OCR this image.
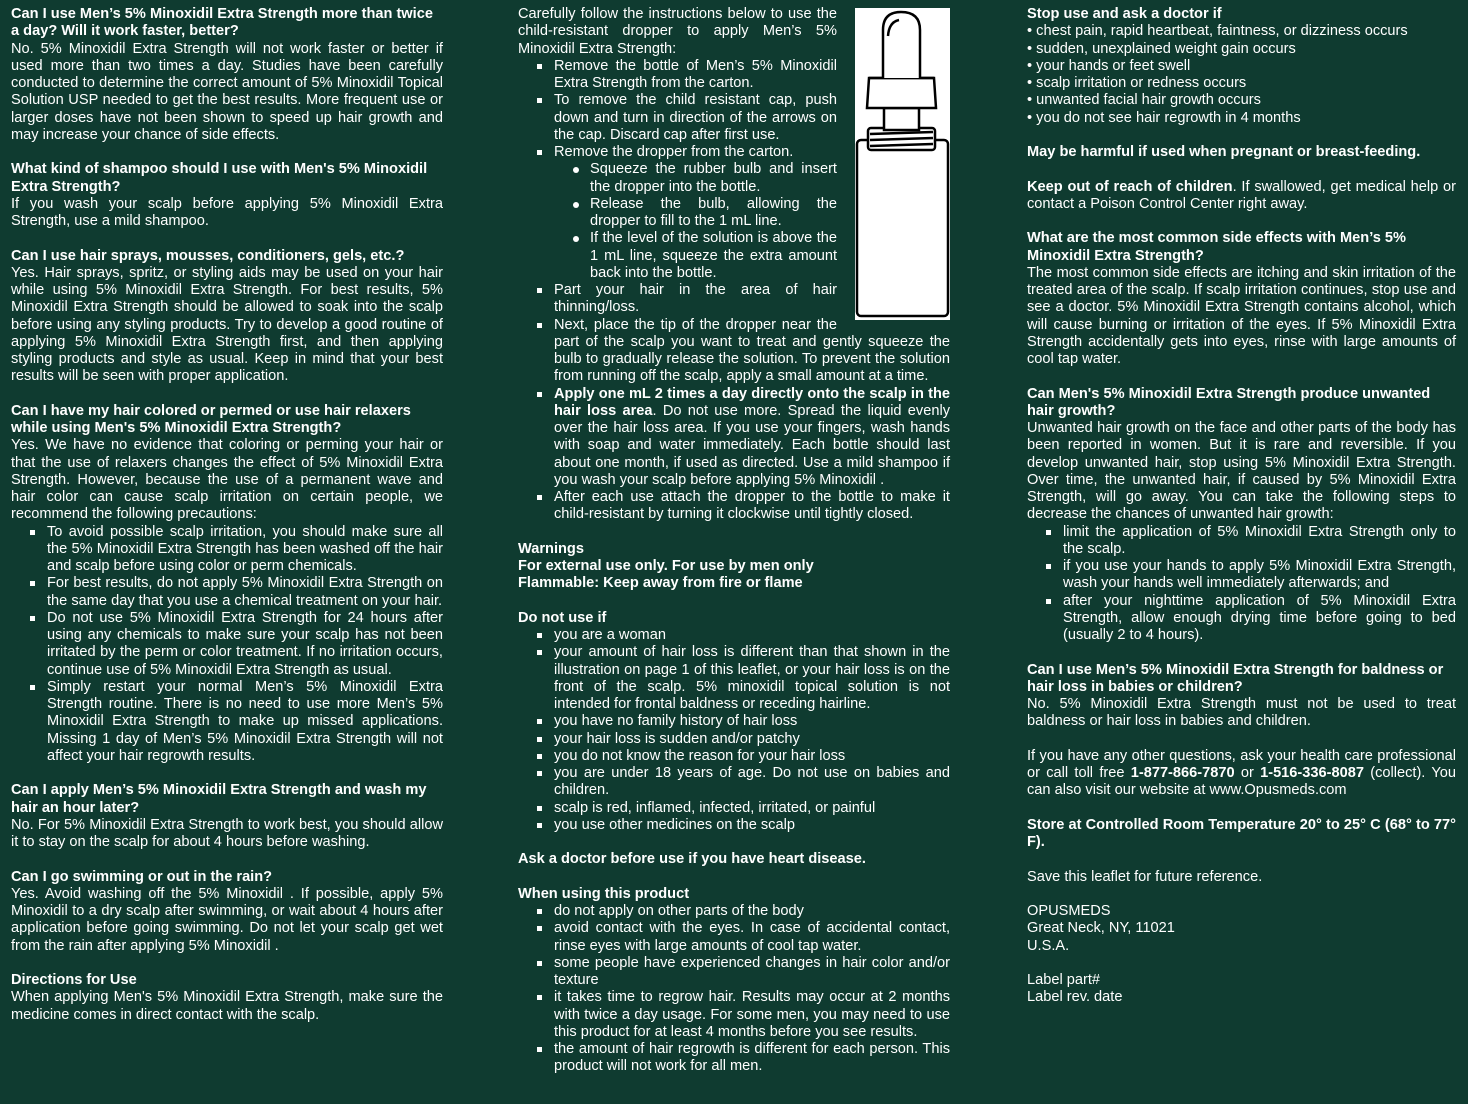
Can I use Men’s 5% Minoxidil Extra Strength more than twice a day? Will it work faster, better?

No. 5% Minoxidil Extra Strength will not work faster or better if used more than two times a day. Studies have been carefully conducted to determine the correct amount of 5% Minoxidil Topical Solution USP needed to get the best results. More frequent use or larger doses have not been shown to speed up hair growth and may increase your chance of side effects.

What kind of shampoo should I use with Men's 5% Minoxidil Extra Strength?

If you wash your scalp before applying 5% Minoxidil Extra Strength, use a mild shampoo.

Can I use hair sprays, mousses, conditioners, gels, etc.?

Yes. Hair sprays, spritz, or styling aids may be used on your hair while using 5% Minoxidil Extra Strength. For best results, 5% Minoxidil Extra Strength should be allowed to soak into the scalp before using any styling products. Try to develop a good routine of applying 5% Minoxidil Extra Strength first, and then applying styling products and style as usual. Keep in mind that your best results will be seen with proper application.

Can I have my hair colored or permed or use hair relaxers while using Men's 5% Minoxidil Extra Strength?

Yes. We have no evidence that coloring or perming your hair or that the use of relaxers changes the effect of 5% Minoxidil Extra Strength. However, because the use of a permanent wave and hair color can cause scalp irritation on certain people, we recommend the following precautions:

To avoid possible scalp irritation, you should make sure all the 5% Minoxidil Extra Strength has been washed off the hair and scalp before using color or perm chemicals.
For best results, do not apply 5% Minoxidil Extra Strength on the same day that you use a chemical treatment on your hair.
Do not use 5% Minoxidil Extra Strength for 24 hours after using any chemicals to make sure your scalp has not been irritated by the perm or color treatment. If no irritation occurs, continue use of 5% Minoxidil Extra Strength as usual.
Simply restart your normal Men’s 5% Minoxidil Extra Strength routine. There is no need to use more Men’s 5% Minoxidil Extra Strength to make up missed applications. Missing 1 day of Men’s 5% Minoxidil Extra Strength will not affect your hair regrowth results.
Can I apply Men’s 5% Minoxidil Extra Strength and wash my hair an hour later?

No. For 5% Minoxidil Extra Strength to work best, you should allow it to stay on the scalp for about 4 hours before washing.

Can I go swimming or out in the rain?

Yes. Avoid washing off the 5% Minoxidil . If possible, apply 5% Minoxidil to a dry scalp after swimming, or wait about 4 hours after application before going swimming. Do not let your scalp get wet from the rain after applying 5% Minoxidil .

Directions for Use

When applying Men's 5% Minoxidil Extra Strength, make sure the medicine comes in direct contact with the scalp.

Carefully follow the instructions below to use the child-resistant dropper to apply Men’s 5% Minoxidil Extra Strength:

Remove the bottle of Men’s 5% Minoxidil Extra Strength from the carton.
To remove the child resistant cap, push down and turn in direction of the arrows on the cap. Discard cap after first use.
Remove the dropper from the carton.
Squeeze the rubber bulb and insert the dropper into the bottle.
Release the bulb, allowing the dropper to fill to the 1 mL line.
If the level of the solution is above the 1 mL line, squeeze the extra amount back into the bottle.
Part your hair in the area of hair thinning/loss.
Next, place the tip of the dropper near the part of the scalp you want to treat and gently squeeze the bulb to gradually release the solution. To prevent the solution from running off the scalp, apply a small amount at a time.
Apply one mL 2 times a day directly onto the scalp in the hair loss area. Do not use more. Spread the liquid evenly over the hair loss area. If you use your fingers, wash hands with soap and water immediately. Each bottle should last about one month, if used as directed. Use a mild shampoo if you wash your scalp before applying 5% Minoxidil .
After each use attach the dropper to the bottle to make it child-resistant by turning it clockwise until tightly closed.
Warnings
For external use only. For use by men only
Flammable: Keep away from fire or flame
Do not use if
you are a woman
your amount of hair loss is different than that shown in the illustration on page 1 of this leaflet, or your hair loss is on the front of the scalp. 5% minoxidil topical solution is not intended for frontal baldness or receding hairline.
you have no family history of hair loss
your hair loss is sudden and/or patchy
you do not know the reason for your hair loss
you are under 18 years of age. Do not use on babies and children.
scalp is red, inflamed, infected, irritated, or painful
you use other medicines on the scalp
Ask a doctor before use if you have heart disease.
When using this product
do not apply on other parts of the body
avoid contact with the eyes. In case of accidental contact, rinse eyes with large amounts of cool tap water.
some people have experienced changes in hair color and/or texture
it takes time to regrow hair. Results may occur at 2 months with twice a day usage. For some men, you may need to use this product for at least 4 months before you see results.
the amount of hair regrowth is different for each person. This product will not work for all men.
Stop use and ask a doctor if
• chest pain, rapid heartbeat, faintness, or dizziness occurs
• sudden, unexplained weight gain occurs
• your hands or feet swell
• scalp irritation or redness occurs
• unwanted facial hair growth occurs
• you do not see hair regrowth in 4 months
May be harmful if used when pregnant or breast-feeding.

Keep out of reach of children. If swallowed, get medical help or contact a Poison Control Center right away.

What are the most common side effects with Men’s 5% Minoxidil Extra Strength?

The most common side effects are itching and skin irritation of the treated area of the scalp. If scalp irritation continues, stop use and see a doctor. 5% Minoxidil Extra Strength contains alcohol, which will cause burning or irritation of the eyes. If 5% Minoxidil Extra Strength accidentally gets into eyes, rinse with large amounts of cool tap water.

Can Men's 5% Minoxidil Extra Strength produce unwanted hair growth?

Unwanted hair growth on the face and other parts of the body has been reported in women. But it is rare and reversible. If you develop unwanted hair, stop using 5% Minoxidil Extra Strength. Over time, the unwanted hair, if caused by 5% Minoxidil Extra Strength, will go away. You can take the following steps to decrease the chances of unwanted hair growth:

limit the application of 5% Minoxidil Extra Strength only to the scalp.
if you use your hands to apply 5% Minoxidil Extra Strength, wash your hands well immediately afterwards; and
after your nighttime application of 5% Minoxidil Extra Strength, allow enough drying time before going to bed (usually 2 to 4 hours).
Can I use Men’s 5% Minoxidil Extra Strength for baldness or hair loss in babies or children?

No. 5% Minoxidil Extra Strength must not be used to treat baldness or hair loss in babies and children.

If you have any other questions, ask your health care professional or call toll free 1-877-866-7870 or 1-516-336-8087 (collect). You can also visit our website at www.Opusmeds.com

Store at Controlled Room Temperature 20° to 25° C (68° to 77° F).

Save this leaflet for future reference.
OPUSMEDS
Great Neck, NY, 11021
U.S.A.
Label part#
Label rev. date
